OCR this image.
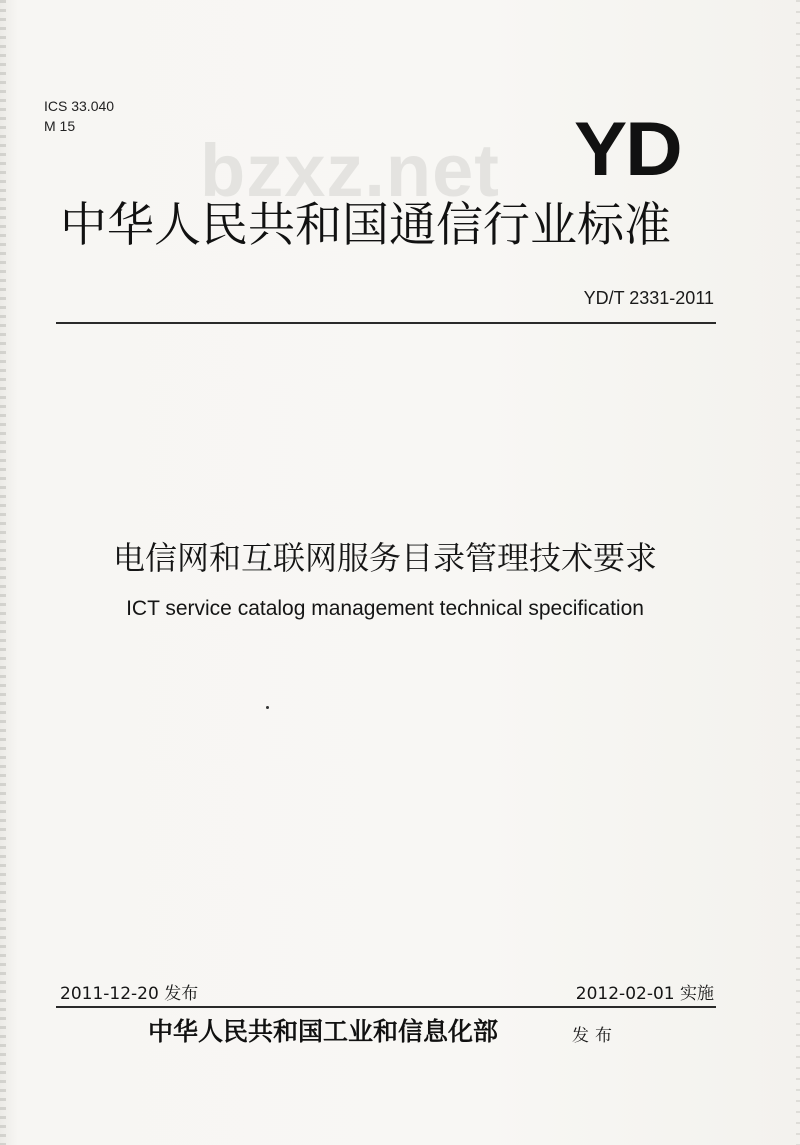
ICS 33.040
M 15
bzxz.net YD
中华人民共和国通信行业标准
YD/T 2331-2011
电信网和互联网服务目录管理技术要求
ICT service catalog management technical specification
2011-12-20 发布	2012-02-01 实施
中华人民共和国工业和信息化部	发布
